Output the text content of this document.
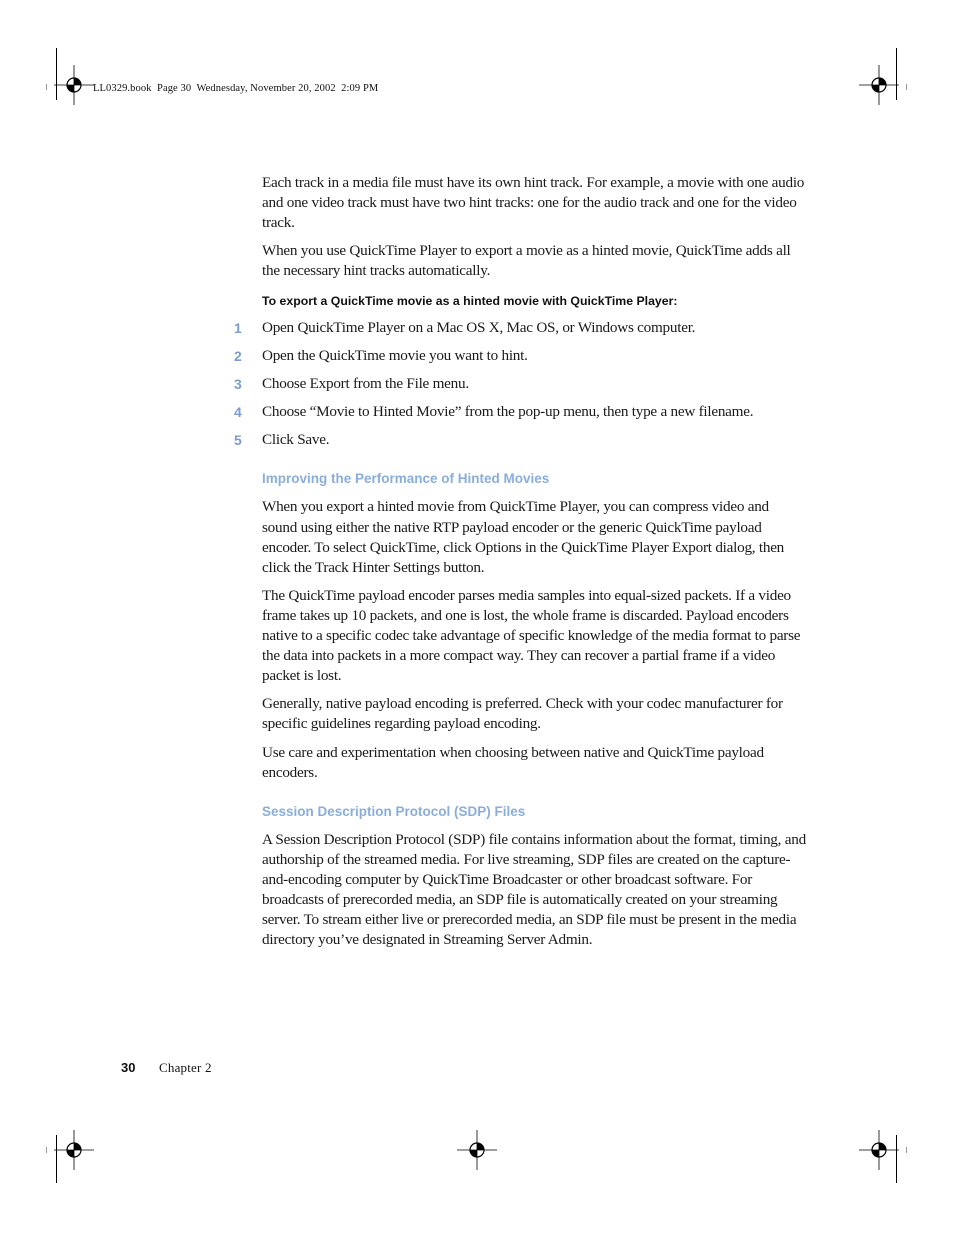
LL0329.book  Page 30  Wednesday, November 20, 2002  2:09 PM

Each track in a media file must have its own hint track. For example, a movie with one audio and one video track must have two hint tracks: one for the audio track and one for the video track.

When you use QuickTime Player to export a movie as a hinted movie, QuickTime adds all the necessary hint tracks automatically.

To export a QuickTime movie as a hinted movie with QuickTime Player:
1 Open QuickTime Player on a Mac OS X, Mac OS, or Windows computer.
2 Open the QuickTime movie you want to hint.
3 Choose Export from the File menu.
4 Choose “Movie to Hinted Movie” from the pop-up menu, then type a new filename.
5 Click Save.
Improving the Performance of Hinted Movies

When you export a hinted movie from QuickTime Player, you can compress video and sound using either the native RTP payload encoder or the generic QuickTime payload encoder. To select QuickTime, click Options in the QuickTime Player Export dialog, then click the Track Hinter Settings button.

The QuickTime payload encoder parses media samples into equal-sized packets. If a video frame takes up 10 packets, and one is lost, the whole frame is discarded. Payload encoders native to a specific codec take advantage of specific knowledge of the media format to parse the data into packets in a more compact way. They can recover a partial frame if a video packet is lost.

Generally, native payload encoding is preferred. Check with your codec manufacturer for specific guidelines regarding payload encoding.

Use care and experimentation when choosing between native and QuickTime payload encoders.

Session Description Protocol (SDP) Files

A Session Description Protocol (SDP) file contains information about the format, timing, and authorship of the streamed media. For live streaming, SDP files are created on the capture-and-encoding computer by QuickTime Broadcaster or other broadcast software. For broadcasts of prerecorded media, an SDP file is automatically created on your streaming server. To stream either live or prerecorded media, an SDP file must be present in the media directory you’ve designated in Streaming Server Admin.

30 Chapter 2
